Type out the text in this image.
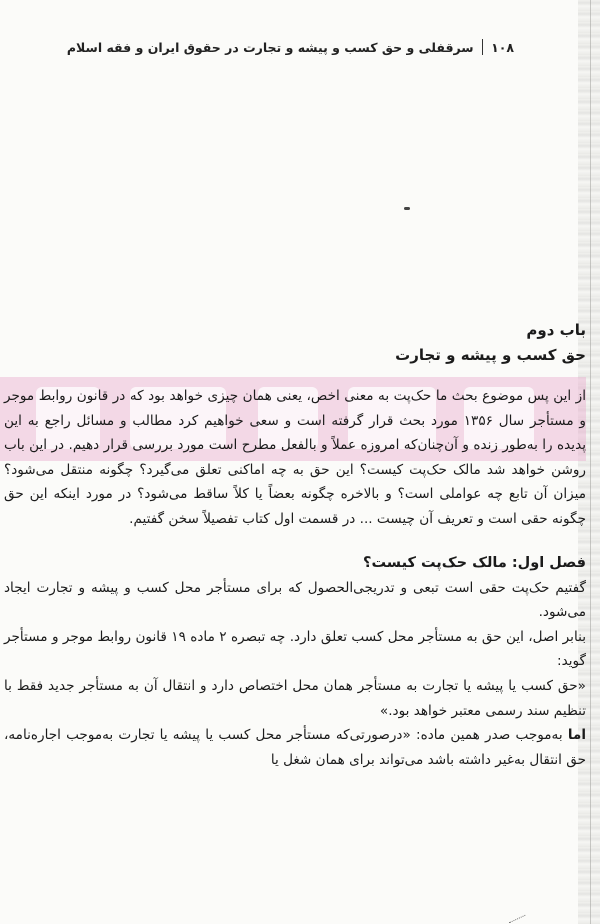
۱۰۸
سرقفلی و حق کسب و پیشه و تجارت در حقوق ایران و فقه اسلام

باب دوم

حق کسب و پیشه و تجارت

از این پس موضوع بحث ما حک‌پت به معنی اخص، یعنی همان چیزی خواهد بود که در قانون روابط موجر و مستأجر سال ۱۳۵۶ مورد بحث قرار گرفته است و سعی خواهیم کرد مطالب و مسائل راجع به این پدیده را به‌طور زنده و آن‌چنان‌که امروزه عملاً و بالفعل مطرح است مورد بررسی قرار دهیم. در این باب روشن خواهد شد مالک حک‌پت کیست؟ این حق به چه اماکنی تعلق می‌گیرد؟ چگونه منتقل می‌شود؟ میزان آن تابع چه عواملی است؟ و بالاخره چگونه بعضاً یا کلاً ساقط می‌شود؟ در مورد اینکه این حق چگونه حقی است و تعریف آن چیست ... در قسمت اول کتاب تفصیلاً سخن گفتیم.

فصل اول: مالک حک‌پت کیست؟

گفتیم حک‌پت حقی است تبعی و تدریجی‌الحصول که برای مستأجر محل کسب و پیشه و تجارت ایجاد می‌شود.

بنابر اصل، این حق به مستأجر محل کسب تعلق دارد. چه تبصره ۲ ماده ۱۹ قانون روابط موجر و مستأجر گوید:

«حق کسب یا پیشه یا تجارت به مستأجر همان محل اختصاص دارد و انتقال آن به مستأجر جدید فقط با تنظیم سند رسمی معتبر خواهد بود.»

اما به‌موجب صدر همین ماده: «درصورتی‌که مستأجر محل کسب یا پیشه یا تجارت به‌موجب اجاره‌نامه، حق انتقال به‌غیر داشته باشد می‌تواند برای همان شغل یا
